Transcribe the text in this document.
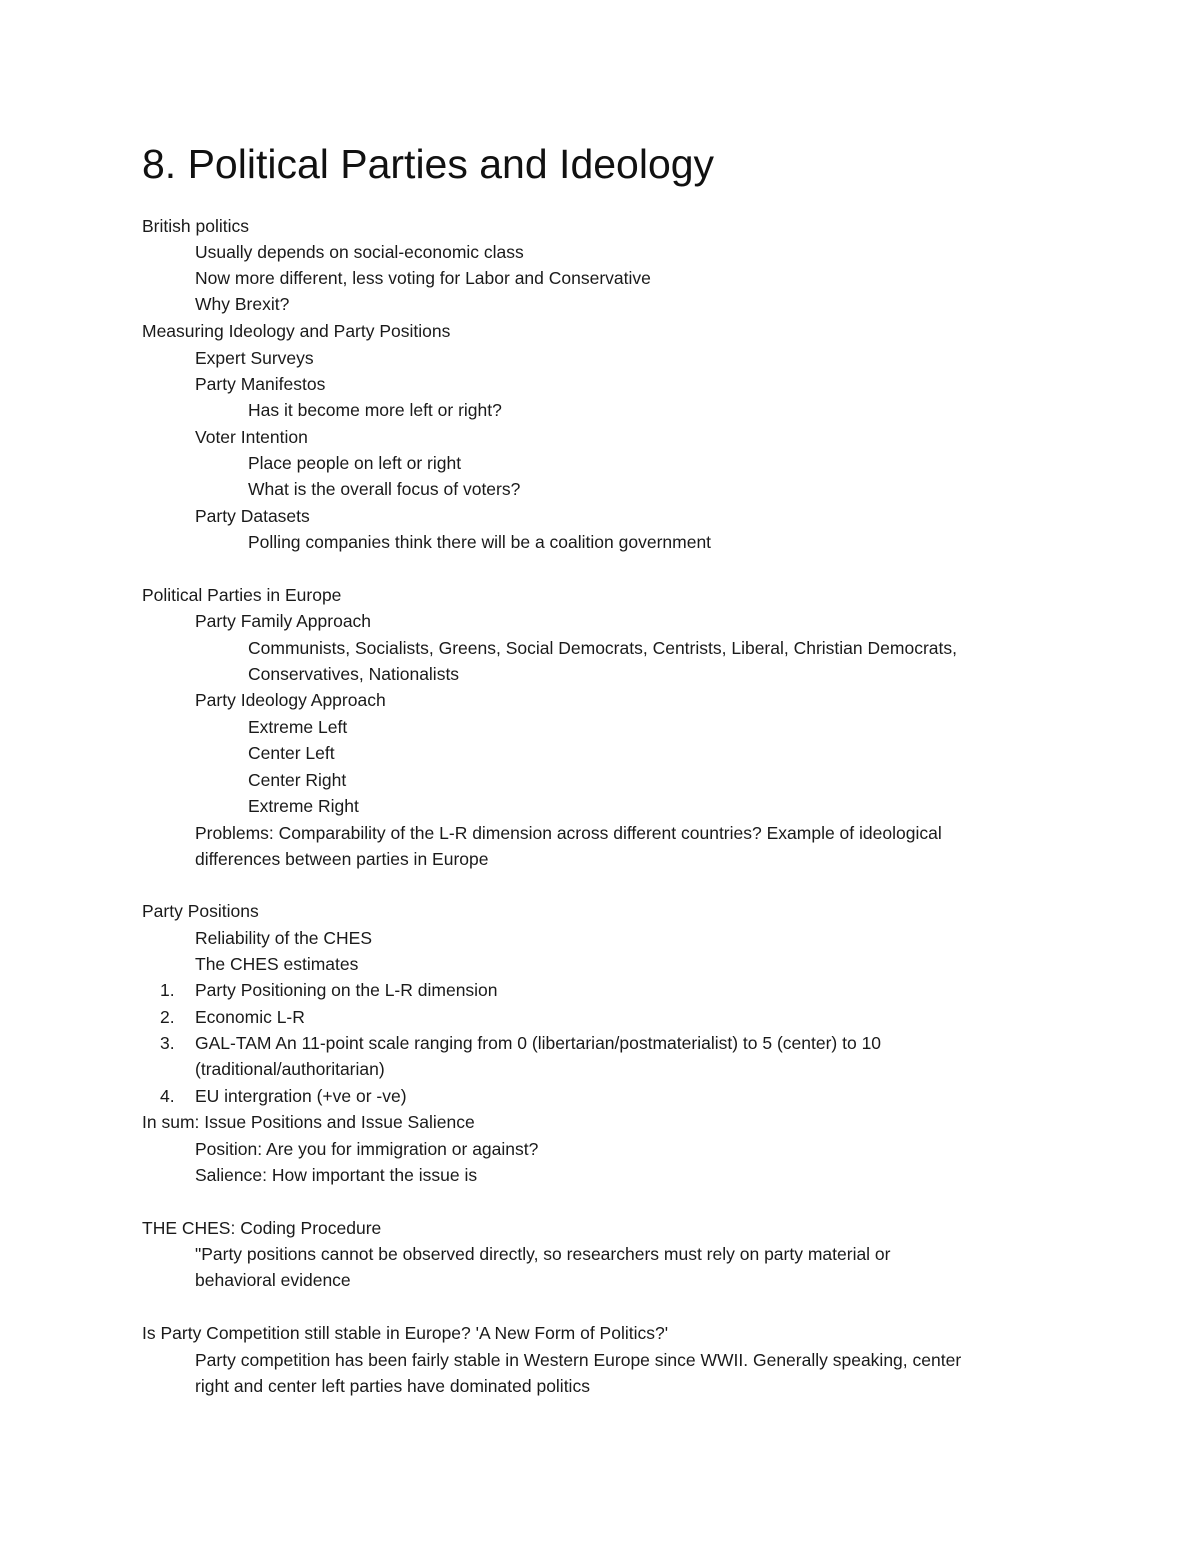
8. Political Parties and Ideology
British politics
Usually depends on social-economic class
Now more different, less voting for Labor and Conservative
Why Brexit?
Measuring Ideology and Party Positions
Expert Surveys
Party Manifestos
Has it become more left or right?
Voter Intention
Place people on left or right
What is the overall focus of voters?
Party Datasets
Polling companies think there will be a coalition government
Political Parties in Europe
Party Family Approach
Communists, Socialists, Greens, Social Democrats, Centrists, Liberal, Christian Democrats,
Conservatives, Nationalists
Party Ideology Approach
Extreme Left
Center Left
Center Right
Extreme Right
Problems: Comparability of the L-R dimension across different countries? Example of ideological
differences between parties in Europe
Party Positions
Reliability of the CHES
The CHES estimates
1. Party Positioning on the L-R dimension
2. Economic L-R
3. GAL-TAM An 11-point scale ranging from 0 (libertarian/postmaterialist) to 5 (center) to 10
(traditional/authoritarian)
4. EU intergration (+ve or -ve)
In sum: Issue Positions and Issue Salience
Position: Are you for immigration or against?
Salience: How important the issue is
THE CHES: Coding Procedure
"Party positions cannot be observed directly, so researchers must rely on party material or
behavioral evidence
Is Party Competition still stable in Europe? 'A New Form of Politics?'
Party competition has been fairly stable in Western Europe since WWII. Generally speaking, center
right and center left parties have dominated politics
